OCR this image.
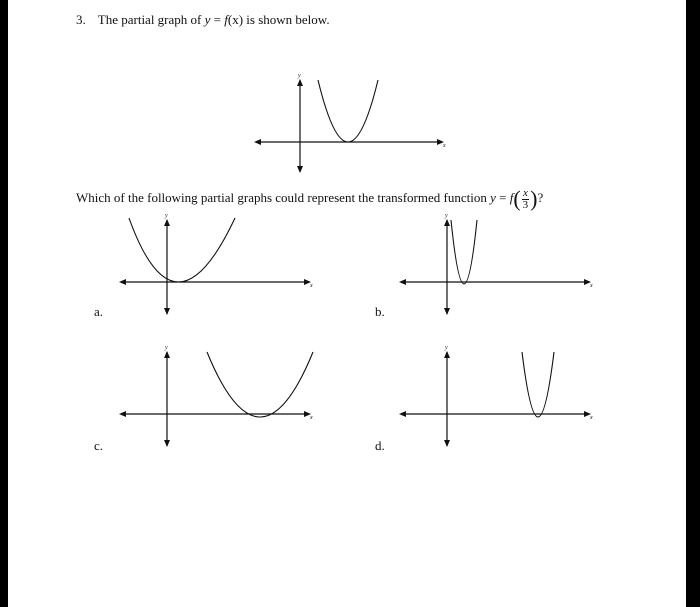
3. The partial graph of y = f(x) is shown below.
y
x
Which of the following partial graphs could represent the transformed function $y = f( \frac{x}{3}$ )?
y
x
a.
y
x
b.
y
x
c.
y
x
d.
